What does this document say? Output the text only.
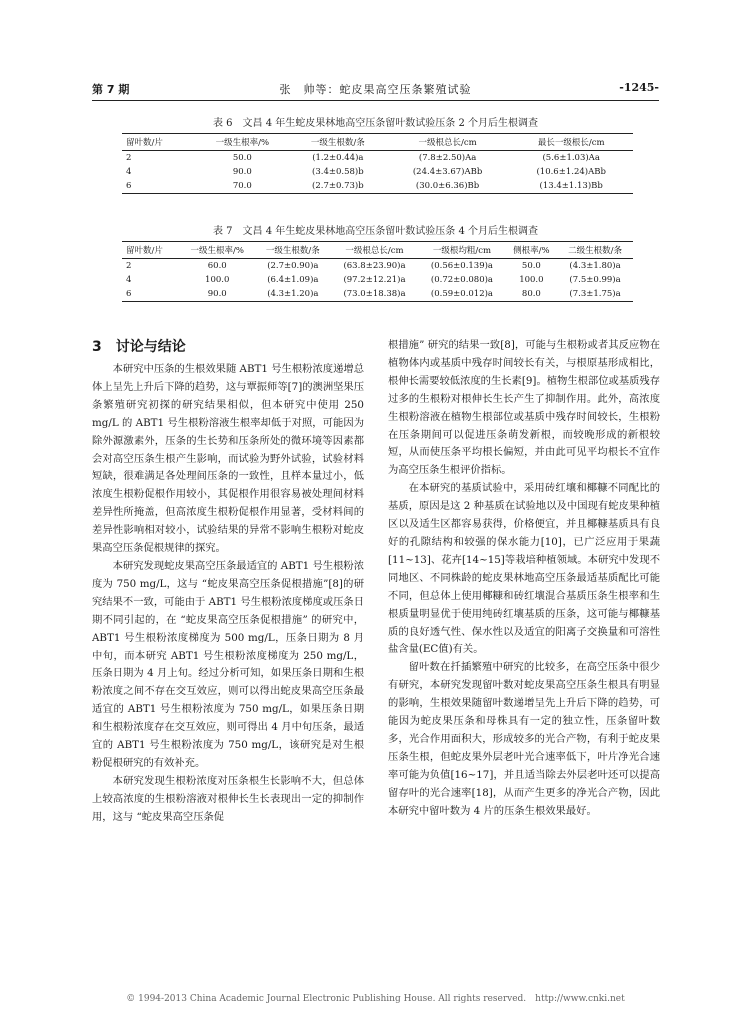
第 7 期	张　帅等：蛇皮果高空压条繁殖试验	-1245-
表 6　文昌 4 年生蛇皮果林地高空压条留叶数试验压条 2 个月后生根调查
留叶数/片	一级生根率/%	一级生根数/条	一级根总长/cm	最长一级根长/cm
2	50.0	(1.2±0.44)a	(7.8±2.50)Aa	(5.6±1.03)Aa
4	90.0	(3.4±0.58)b	(24.4±3.67)ABb	(10.6±1.24)ABb
6	70.0	(2.7±0.73)b	(30.0±6.36)Bb	(13.4±1.13)Bb
表 7　文昌 4 年生蛇皮果林地高空压条留叶数试验压条 4 个月后生根调查
留叶数/片	一级生根率/%	一级生根数/条	一级根总长/cm	一级根均粗/cm	侧根率/%	二级生根数/条
2	60.0	(2.7±0.90)a	(63.8±23.90)a	(0.56±0.139)a	50.0	(4.3±1.80)a
4	100.0	(6.4±1.09)a	(97.2±12.21)a	(0.72±0.080)a	100.0	(7.5±0.99)a
6	90.0	(4.3±1.20)a	(73.0±18.38)a	(0.59±0.012)a	80.0	(7.3±1.75)a
3　讨论与结论

本研究中压条的生根效果随 ABT1 号生根粉浓度递增总体上呈先上升后下降的趋势，这与覃振师等[7]的澳洲坚果压条繁殖研究初探的研究结果相似，但本研究中使用 250 mg/L 的 ABT1 号生根粉溶液生根率却低于对照，可能因为除外源激素外，压条的生长势和压条所处的微环境等因素都会对高空压条生根产生影响，而试验为野外试验，试验材料短缺，很难满足各处理间压条的一致性，且样本量过小，低浓度生根粉促根作用较小，其促根作用很容易被处理间材料差异性所掩盖，但高浓度生根粉促根作用显著，受材料间的差异性影响相对较小，试验结果的异常不影响生根粉对蛇皮果高空压条促根规律的探究。

本研究发现蛇皮果高空压条最适宜的 ABT1 号生根粉浓度为 750 mg/L，这与 “蛇皮果高空压条促根措施”[8]的研究结果不一致，可能由于 ABT1 号生根粉浓度梯度或压条日期不同引起的，在 “蛇皮果高空压条促根措施” 的研究中，ABT1 号生根粉浓度梯度为 500 mg/L，压条日期为 8 月中旬，而本研究 ABT1 号生根粉浓度梯度为 250 mg/L，压条日期为 4 月上旬。经过分析可知，如果压条日期和生根粉浓度之间不存在交互效应，则可以得出蛇皮果高空压条最适宜的 ABT1 号生根粉浓度为 750 mg/L，如果压条日期和生根粉浓度存在交互效应，则可得出 4 月中旬压条，最适宜的 ABT1 号生根粉浓度为 750 mg/L，该研究是对生根粉促根研究的有效补充。

本研究发现生根粉浓度对压条根生长影响不大，但总体上较高浓度的生根粉溶液对根伸长生长表现出一定的抑制作用，这与 “蛇皮果高空压条促

根措施” 研究的结果一致[8]，可能与生根粉或者其反应物在植物体内或基质中残存时间较长有关，与根原基形成相比，根伸长需要较低浓度的生长素[9]。植物生根部位或基质残存过多的生根粉对根伸长生长产生了抑制作用。此外，高浓度生根粉溶液在植物生根部位或基质中残存时间较长，生根粉在压条期间可以促进压条萌发新根，而较晚形成的新根较短，从而使压条平均根长偏短，并由此可见平均根长不宜作为高空压条生根评价指标。

在本研究的基质试验中，采用砖红壤和椰糠不同配比的基质，原因是这 2 种基质在试验地以及中国现有蛇皮果种植区以及适生区都容易获得，价格便宜，并且椰糠基质具有良好的孔隙结构和较强的保水能力[10]，已广泛应用于果蔬[11~13]、花卉[14~15]等栽培种植领域。本研究中发现不同地区、不同株龄的蛇皮果林地高空压条最适基质配比可能不同，但总体上使用椰糠和砖红壤混合基质压条生根率和生根质量明显优于使用纯砖红壤基质的压条，这可能与椰糠基质的良好透气性、保水性以及适宜的阳离子交换量和可溶性盐含量(EC值)有关。

留叶数在扦插繁殖中研究的比较多，在高空压条中很少有研究，本研究发现留叶数对蛇皮果高空压条生根具有明显的影响，生根效果随留叶数递增呈先上升后下降的趋势，可能因为蛇皮果压条和母株具有一定的独立性，压条留叶数多，光合作用面积大，形成较多的光合产物，有利于蛇皮果压条生根，但蛇皮果外层老叶光合速率低下，叶片净光合速率可能为负值[16~17]，并且适当除去外层老叶还可以提高留存叶的光合速率[18]，从而产生更多的净光合产物，因此本研究中留叶数为 4 片的压条生根效果最好。

© 1994-2013 China Academic Journal Electronic Publishing House. All rights reserved.　http://www.cnki.net
